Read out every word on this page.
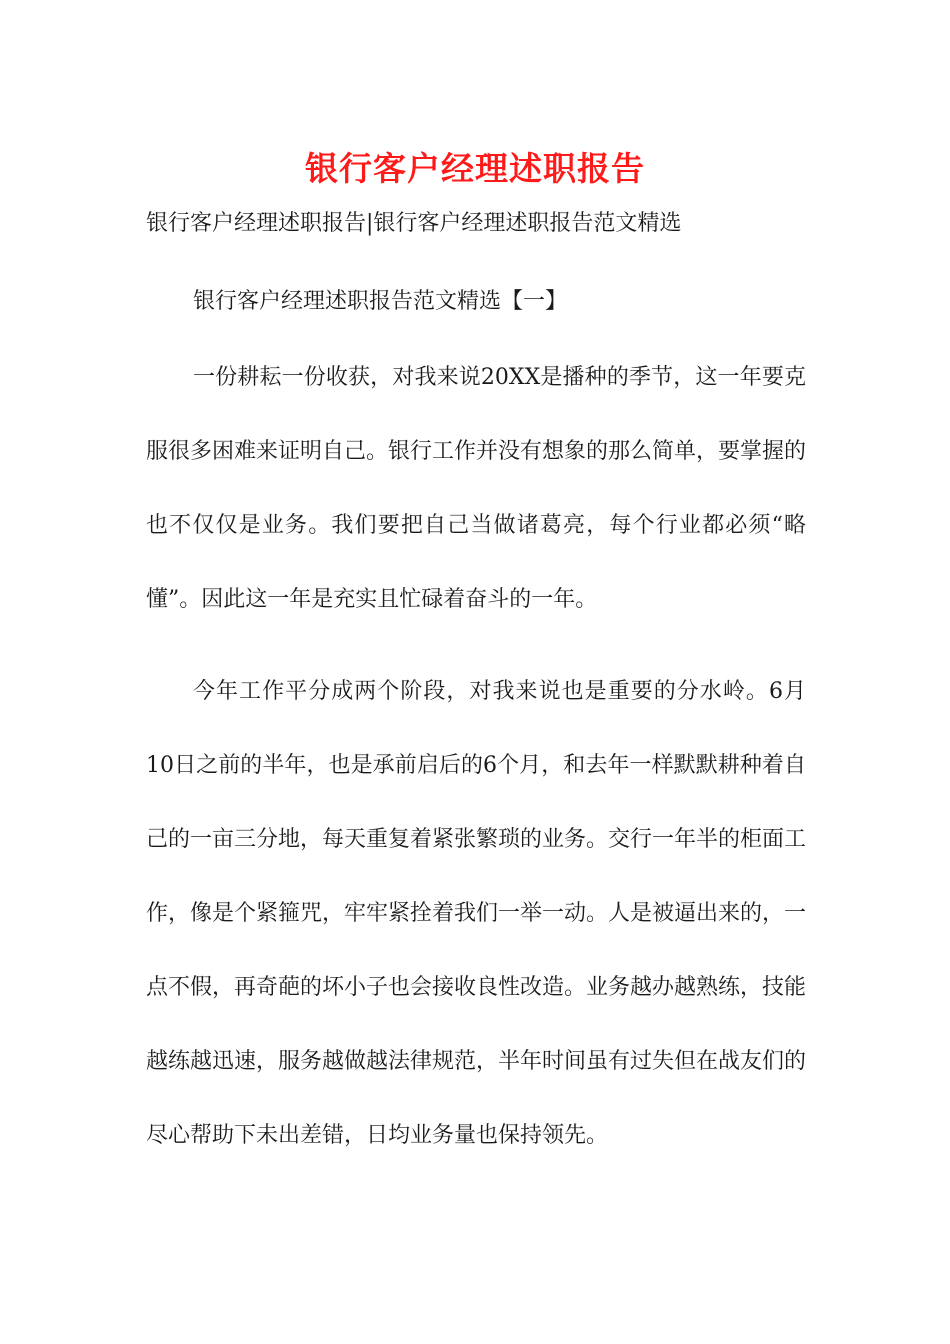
银行客户经理述职报告
银行客户经理述职报告|银行客户经理述职报告范文精选
银行客户经理述职报告范文精选【一】

一份耕耘一份收获，对我来说20XX是播种的季节，这一年要克服很多困难来证明自己。银行工作并没有想象的那么简单，要掌握的也不仅仅是业务。我们要把自己当做诸葛亮，每个行业都必须“略懂”。因此这一年是充实且忙碌着奋斗的一年。

今年工作平分成两个阶段，对我来说也是重要的分水岭。6月10日之前的半年，也是承前启后的6个月，和去年一样默默耕种着自己的一亩三分地，每天重复着紧张繁琐的业务。交行一年半的柜面工作，像是个紧箍咒，牢牢紧拴着我们一举一动。人是被逼出来的，一点不假，再奇葩的坏小子也会接收良性改造。业务越办越熟练，技能越练越迅速，服务越做越法律规范，半年时间虽有过失但在战友们的尽心帮助下未出差错，日均业务量也保持领先。
